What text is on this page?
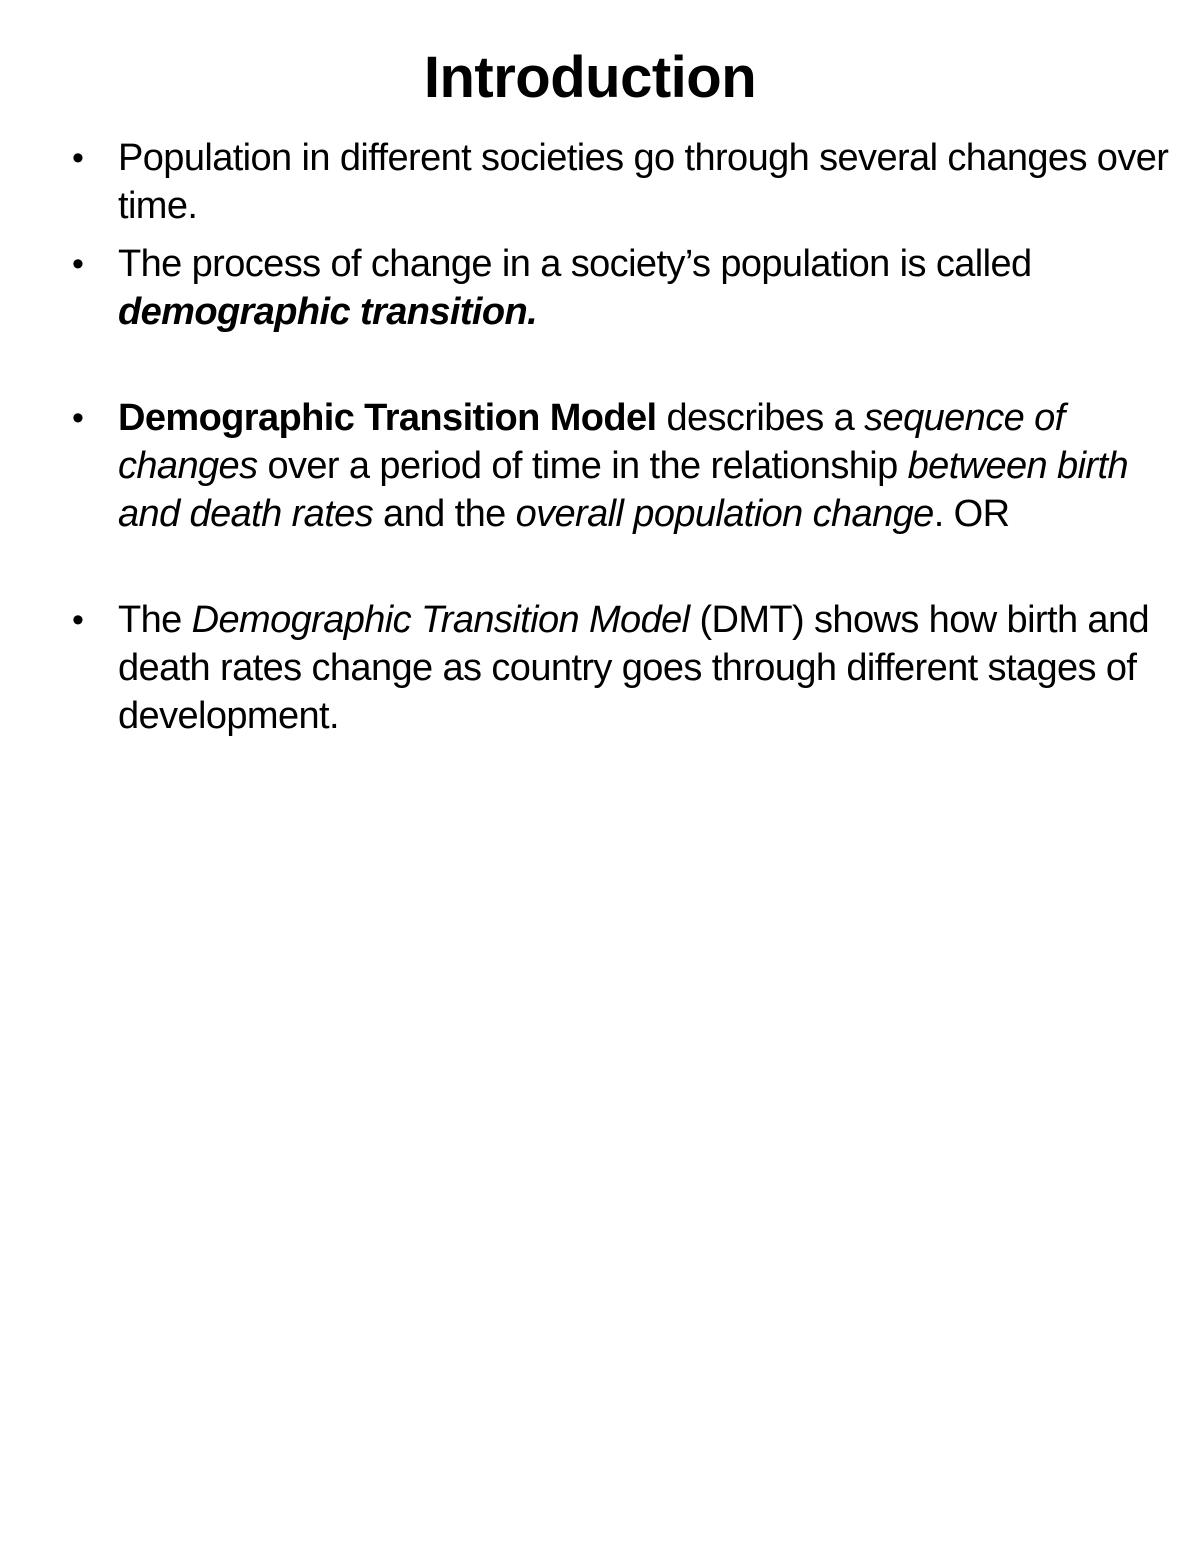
Introduction
• Population in different societies go through several changes over time.
• The process of change in a society’s population is called demographic transition.
• Demographic Transition Model describes a sequence of changes over a period of time in the relationship between birth and death rates and the overall population change. OR
• The Demographic Transition Model (DMT) shows how birth and death rates change as country goes through different stages of development.
